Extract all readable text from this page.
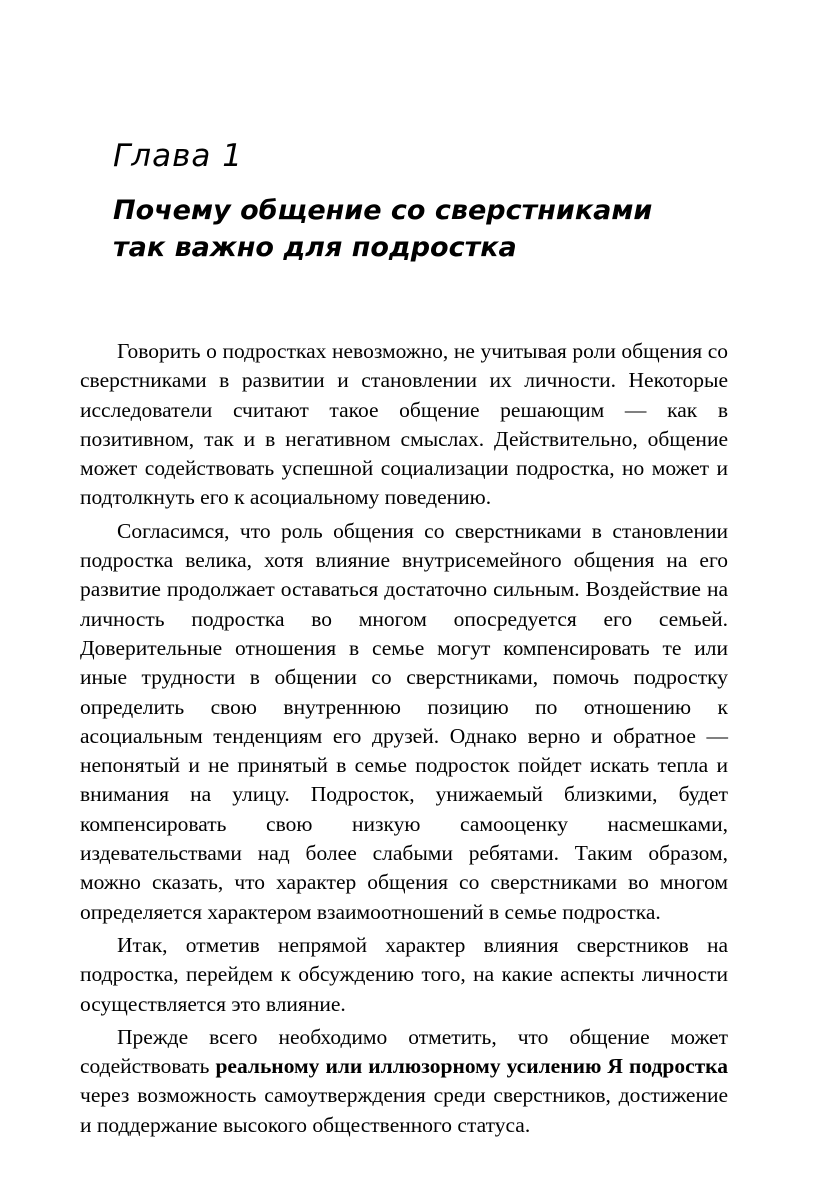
Глава 1
Почему общение со сверстниками
так важно для подростка

Говорить о подростках невозможно, не учитывая роли общения со сверстниками в развитии и становлении их личности. Некоторые исследователи считают такое общение решающим — как в позитивном, так и в негативном смыслах. Действительно, общение может содействовать успешной социализации подростка, но может и подтолкнуть его к асоциальному поведению.

Согласимся, что роль общения со сверстниками в становлении подростка велика, хотя влияние внутрисемейного общения на его развитие продолжает оставаться достаточно сильным. Воздействие на личность подростка во многом опосредуется его семьей. Доверительные отношения в семье могут компенсировать те или иные трудности в общении со сверстниками, помочь подростку определить свою внутреннюю позицию по отношению к асоциальным тенденциям его друзей. Однако верно и обратное — непонятый и не принятый в семье подросток пойдет искать тепла и внимания на улицу. Подросток, унижаемый близкими, будет компенсировать свою низкую самооценку насмешками, издевательствами над более слабыми ребятами. Таким образом, можно сказать, что характер общения со сверстниками во многом определяется характером взаимоотношений в семье подростка.

Итак, отметив непрямой характер влияния сверстников на подростка, перейдем к обсуждению того, на какие аспекты личности осуществляется это влияние.

Прежде всего необходимо отметить, что общение может содействовать реальному или иллюзорному усилению Я подростка через возможность самоутверждения среди сверстников, достижение и поддержание высокого общественного статуса.
